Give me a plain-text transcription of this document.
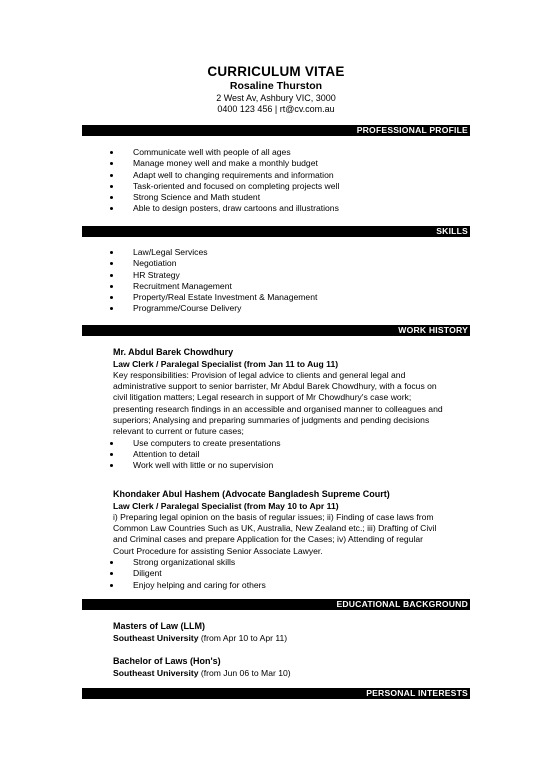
CURRICULUM VITAE
Rosaline Thurston
2 West Av, Ashbury VIC, 3000
0400 123 456 | rt@cv.com.au
PROFESSIONAL PROFILE
Communicate well with people of all ages
Manage money well and make a monthly budget
Adapt well to changing requirements and information
Task-oriented and focused on completing projects well
Strong Science and Math student
Able to design posters, draw cartoons and illustrations
SKILLS
Law/Legal Services
Negotiation
HR Strategy
Recruitment Management
Property/Real Estate Investment & Management
Programme/Course Delivery
WORK HISTORY
Mr. Abdul Barek Chowdhury
Law Clerk / Paralegal Specialist (from Jan 11 to Aug 11)
Key responsibilities: Provision of legal advice to clients and general legal and
administrative support to senior barrister, Mr Abdul Barek Chowdhury, with a focus on
civil litigation matters; Legal research in support of Mr Chowdhury's case work;
presenting research findings in an accessible and organised manner to colleagues and
superiors; Analysing and preparing summaries of judgments and pending decisions
relevant to current or future cases;
Use computers to create presentations
Attention to detail
Work well with little or no supervision
Khondaker Abul Hashem (Advocate Bangladesh Supreme Court)
Law Clerk / Paralegal Specialist (from May 10 to Apr 11)
i) Preparing legal opinion on the basis of regular issues; ii) Finding of case laws from
Common Law Countries Such as UK, Australia, New Zealand etc.; iii) Drafting of Civil
and Criminal cases and prepare Application for the Cases; iv) Attending of regular
Court Procedure for assisting Senior Associate Lawyer.
Strong organizational skills
Diligent
Enjoy helping and caring for others
EDUCATIONAL BACKGROUND
Masters of Law (LLM)
Southeast University (from Apr 10 to Apr 11)
Bachelor of Laws (Hon's)
Southeast University (from Jun 06 to Mar 10)
PERSONAL INTERESTS
